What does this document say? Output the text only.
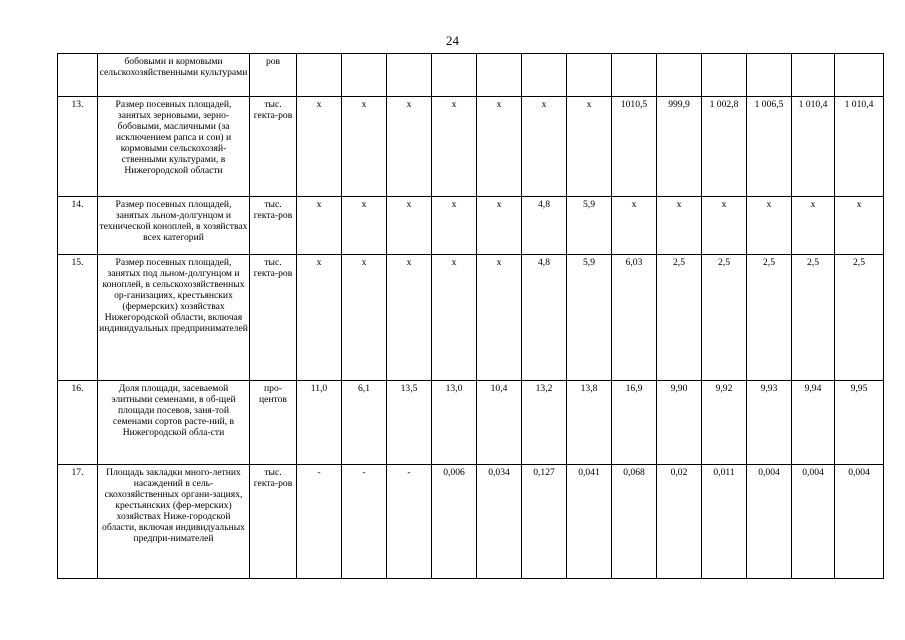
24
	бобовыми и кормовыми сельскохозяйственными культурами	ров													
13.	Размер посевных площадей, занятых зерновыми, зерно-бобовыми, масличными (за исключением рапса и сои) и кормовыми сельскохозяй-ственными культурами, в Нижегородской области	тыс. гекта-ров	х	х	х	х	х	х	х	1010,5	999,9	1 002,8	1 006,5	1 010,4	1 010,4
14.	Размер посевных площадей, занятых льном-долгунцом и технической коноплей, в хозяйствах всех категорий	тыс. гекта-ров	х	х	х	х	х	4,8	5,9	х	х	х	х	х	х
15.	Размер посевных площадей, занятых под льном-долгунцом и коноплей, в сельскохозяйственных ор-ганизациях, крестьянских (фермерских) хозяйствах Нижегородской области, включая индивидуальных предпринимателей	тыс. гекта-ров	х	х	х	х	х	4,8	5,9	6,03	2,5	2,5	2,5	2,5	2,5
16.	Доля площади, засеваемой элитными семенами, в об-щей площади посевов, заня-той семенами сортов расте-ний, в Нижегородской обла-сти	про-центов	11,0	6,1	13,5	13,0	10,4	13,2	13,8	16,9	9,90	9,92	9,93	9,94	9,95
17.	Площадь закладки много-летних насаждений в сель-скохозяйственных органи-зациях, крестьянских (фер-мерских) хозяйствах Ниже-городской области, включая индивидуальных предпри-нимателей	тыс. гекта-ров	-	-	-	0,006	0,034	0,127	0,041	0,068	0,02	0,011	0,004	0,004	0,004
